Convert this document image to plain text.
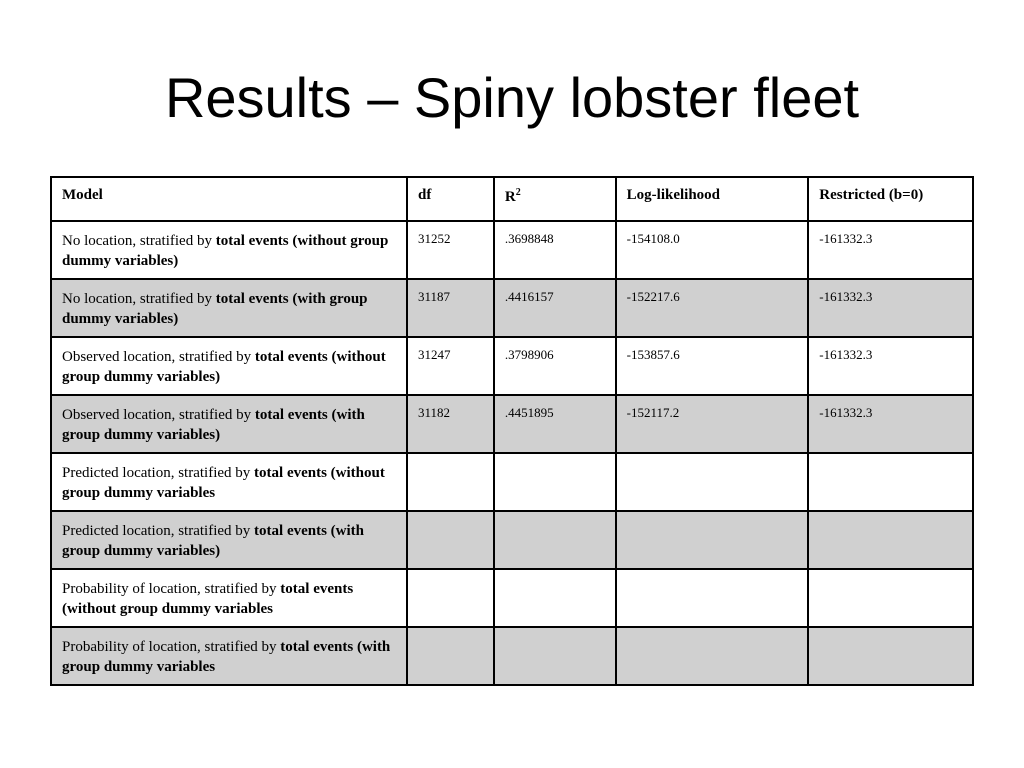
Results – Spiny lobster fleet
Model	df	$R^2$	Log-likelihood	Restricted (b=0)
No location, stratified by total events (without group dummy variables)	31252	.3698848	-154108.0	-161332.3
No location, stratified by total events (with group dummy variables)	31187	.4416157	-152217.6	-161332.3
Observed location, stratified by total events (without group dummy variables)	31247	.3798906	-153857.6	-161332.3
Observed location, stratified by total events (with group dummy variables)	31182	.4451895	-152117.2	-161332.3
Predicted location, stratified by total events (without group dummy variables				
Predicted location, stratified by total events (with group dummy variables)				
Probability of location, stratified by total events (without group dummy variables				
Probability of location, stratified by total events (with group dummy variables				
